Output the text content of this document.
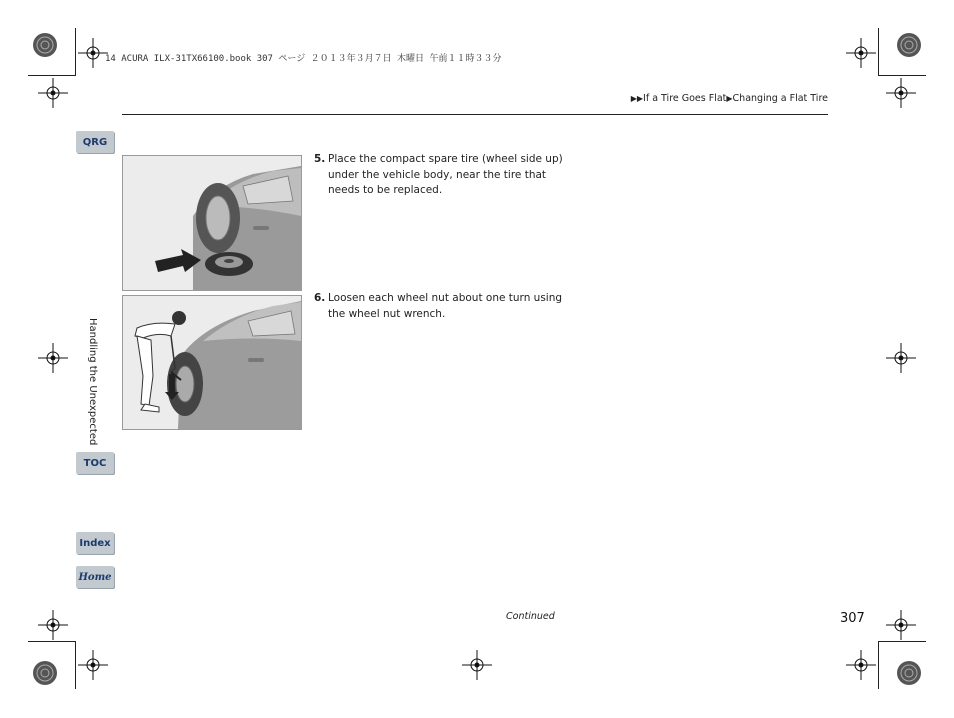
14 ACURA ILX-31TX66100.book 307 ページ ２０１３年３月７日 木曜日 午前１１時３３分
▶▶If a Tire Goes Flat▶Changing a Flat Tire
QRG
TOC
Index
Home
Handling the Unexpected
5. Place the compact spare tire (wheel side up) under the vehicle body, near the tire that needs to be replaced.
6. Loosen each wheel nut about one turn using the wheel nut wrench.
Continued	307
